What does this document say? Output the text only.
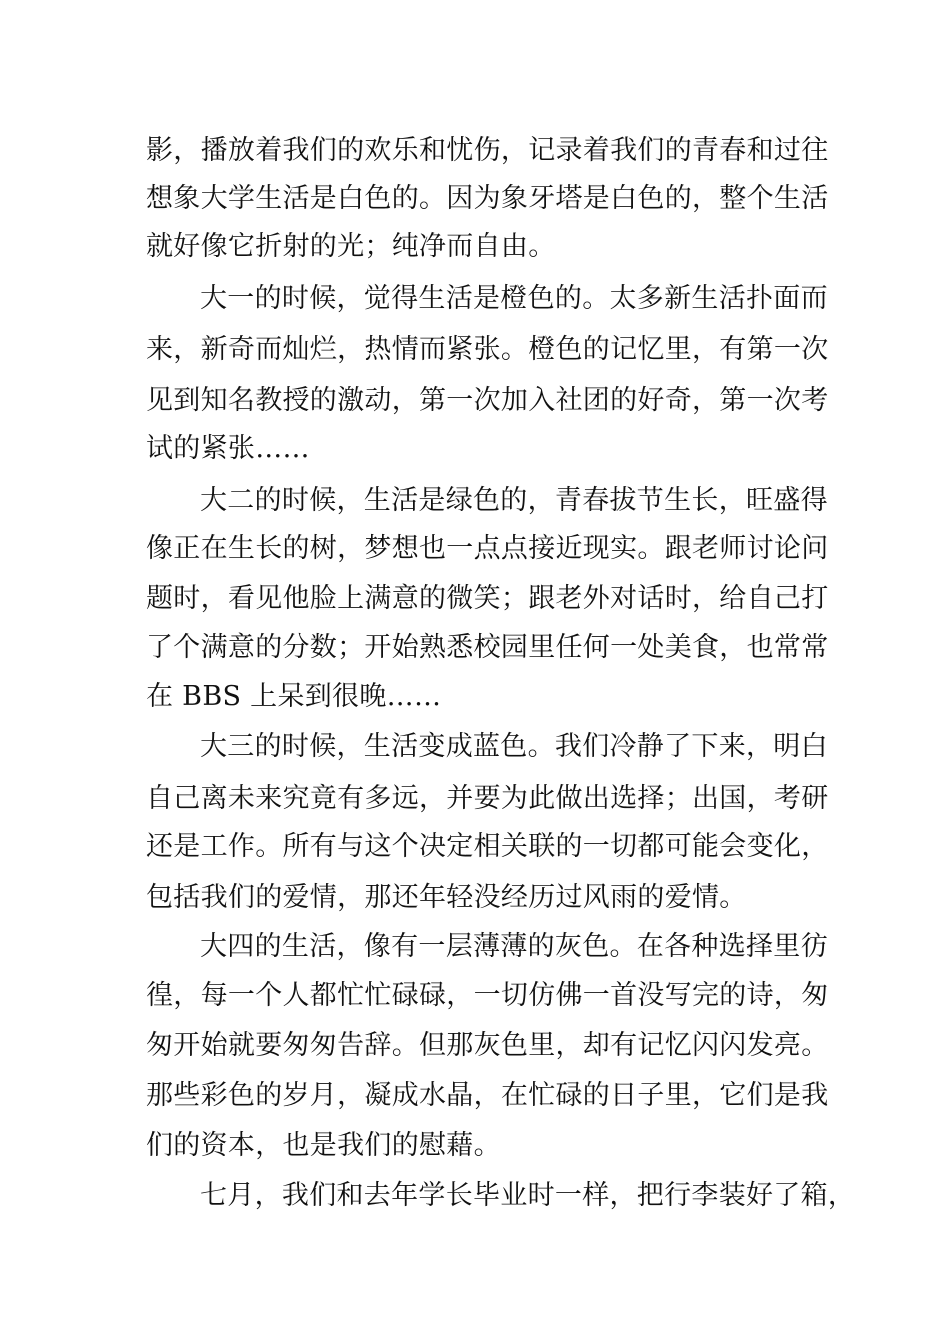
影，播放着我们的欢乐和忧伤，记录着我们的青春和过往
想象大学生活是白色的。因为象牙塔是白色的，整个生活
就好像它折射的光；纯净而自由。
大一的时候，觉得生活是橙色的。太多新生活扑面而
来，新奇而灿烂，热情而紧张。橙色的记忆里，有第一次
见到知名教授的激动，第一次加入社团的好奇，第一次考
试的紧张……
大二的时候，生活是绿色的，青春拔节生长，旺盛得
像正在生长的树，梦想也一点点接近现实。跟老师讨论问
题时，看见他脸上满意的微笑；跟老外对话时，给自己打
了个满意的分数；开始熟悉校园里任何一处美食，也常常
在 BBS 上呆到很晚……
大三的时候，生活变成蓝色。我们冷静了下来，明白
自己离未来究竟有多远，并要为此做出选择；出国，考研
还是工作。所有与这个决定相关联的一切都可能会变化，
包括我们的爱情，那还年轻没经历过风雨的爱情。
大四的生活，像有一层薄薄的灰色。在各种选择里彷
徨，每一个人都忙忙碌碌，一切仿佛一首没写完的诗，匆
匆开始就要匆匆告辞。但那灰色里，却有记忆闪闪发亮。
那些彩色的岁月，凝成水晶，在忙碌的日子里，它们是我
们的资本，也是我们的慰藉。
七月，我们和去年学长毕业时一样，把行李装好了箱，
